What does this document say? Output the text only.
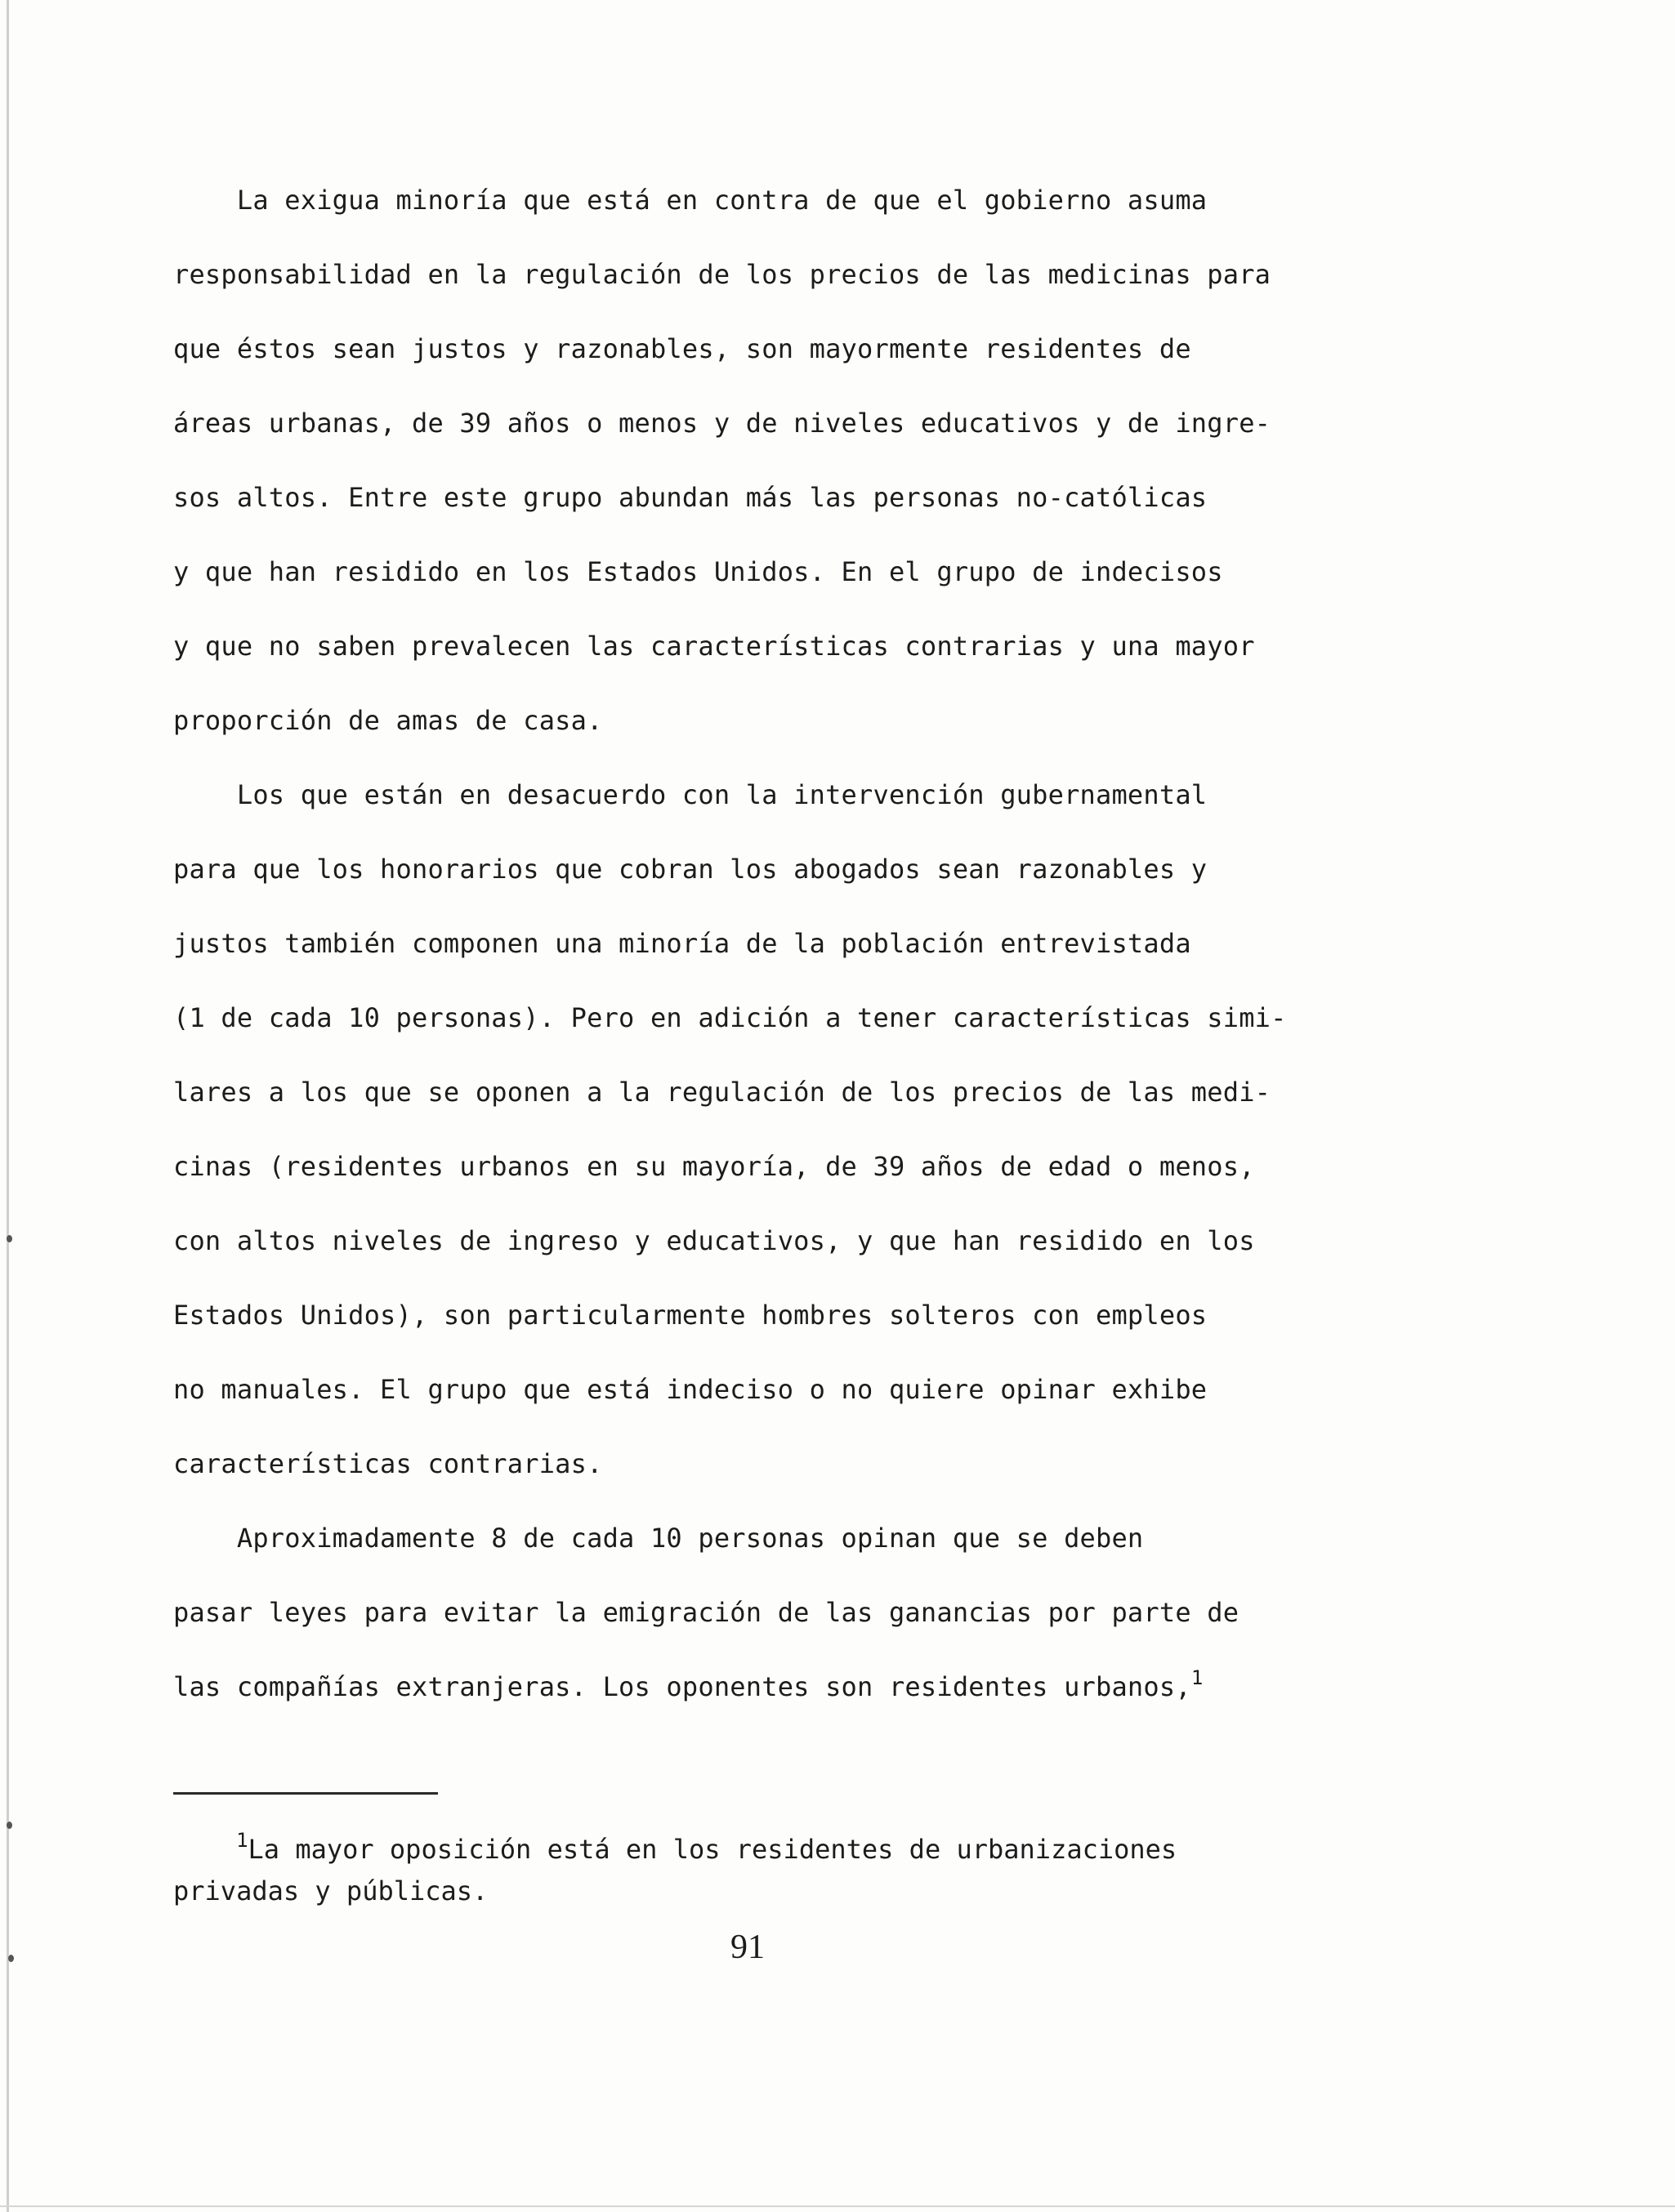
La exigua minoría que está en contra de que el gobierno asuma
responsabilidad en la regulación de los precios de las medicinas para
que éstos sean justos y razonables, son mayormente residentes de
áreas urbanas, de 39 años o menos y de niveles educativos y de ingre-
sos altos. Entre este grupo abundan más las personas no-católicas
y que han residido en los Estados Unidos. En el grupo de indecisos
y que no saben prevalecen las características contrarias y una mayor
proporción de amas de casa.
Los que están en desacuerdo con la intervención gubernamental
para que los honorarios que cobran los abogados sean razonables y
justos también componen una minoría de la población entrevistada
(1 de cada 10 personas). Pero en adición a tener características simi-
lares a los que se oponen a la regulación de los precios de las medi-
cinas (residentes urbanos en su mayoría, de 39 años de edad o menos,
con altos niveles de ingreso y educativos, y que han residido en los
Estados Unidos), son particularmente hombres solteros con empleos
no manuales. El grupo que está indeciso o no quiere opinar exhibe
características contrarias.
Aproximadamente 8 de cada 10 personas opinan que se deben
pasar leyes para evitar la emigración de las ganancias por parte de
las compañías extranjeras. Los oponentes son residentes urbanos,$^1$
$^1$La mayor oposición está en los residentes de urbanizaciones
privadas y públicas.
91
